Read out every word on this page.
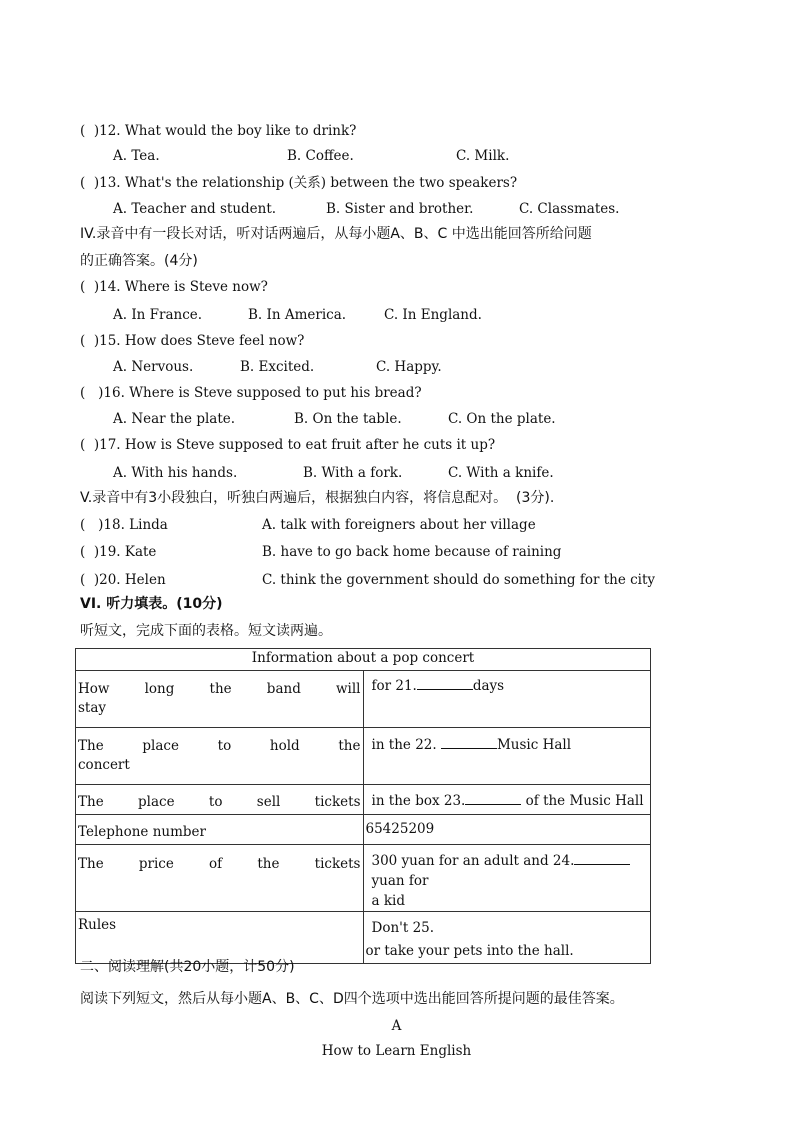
(  )12. What would the boy like to drink?
A. Tea.	B. Coffee.	C. Milk.
(  )13. What's the relationship (关系) between the two speakers?
A. Teacher and student.	B. Sister and brother.	C. Classmates.
IV.录音中有一段长对话，听对话两遍后，从每小题A、B、C 中选出能回答所给问题
的正确答案。(4分)
(  )14. Where is Steve now?
A. In France.	B. In America.	C. In England.
(  )15. How does Steve feel now?
A. Nervous.	B. Excited.	C. Happy.
(   )16. Where is Steve supposed to put his bread?
A. Near the plate.	B. On the table.	C. On the plate.
(  )17. How is Steve supposed to eat fruit after he cuts it up?
A. With his hands.	B. With a fork.	C. With a knife.
V.录音中有3小段独白，听独白两遍后，根据独白内容，将信息配对。  (3分).
(   )18. Linda	A. talk with foreigners about her village
(  )19. Kate	B. have to go back home because of raining
(  )20. Helen	C. think the government should do something for the city
VI. 听力填表。(10分)
听短文，完成下面的表格。短文读两遍。
Information about a pop concert	

How long the band will
stay	for 21. days

The place to hold the
concert	in the 22. Music Hall

The place to sell tickets	in the box 23. of the Music Hall
Telephone number	65425209

The price of the tickets	300 yuan for an adult and 24.yuan for
a kid
Rules	Don't 25.
or take your pets into the hall.
二、阅读理解(共20小题，计50分)
阅读下列短文，然后从每小题A、B、C、D四个选项中选出能回答所提问题的最佳答案。
A
How to Learn English
